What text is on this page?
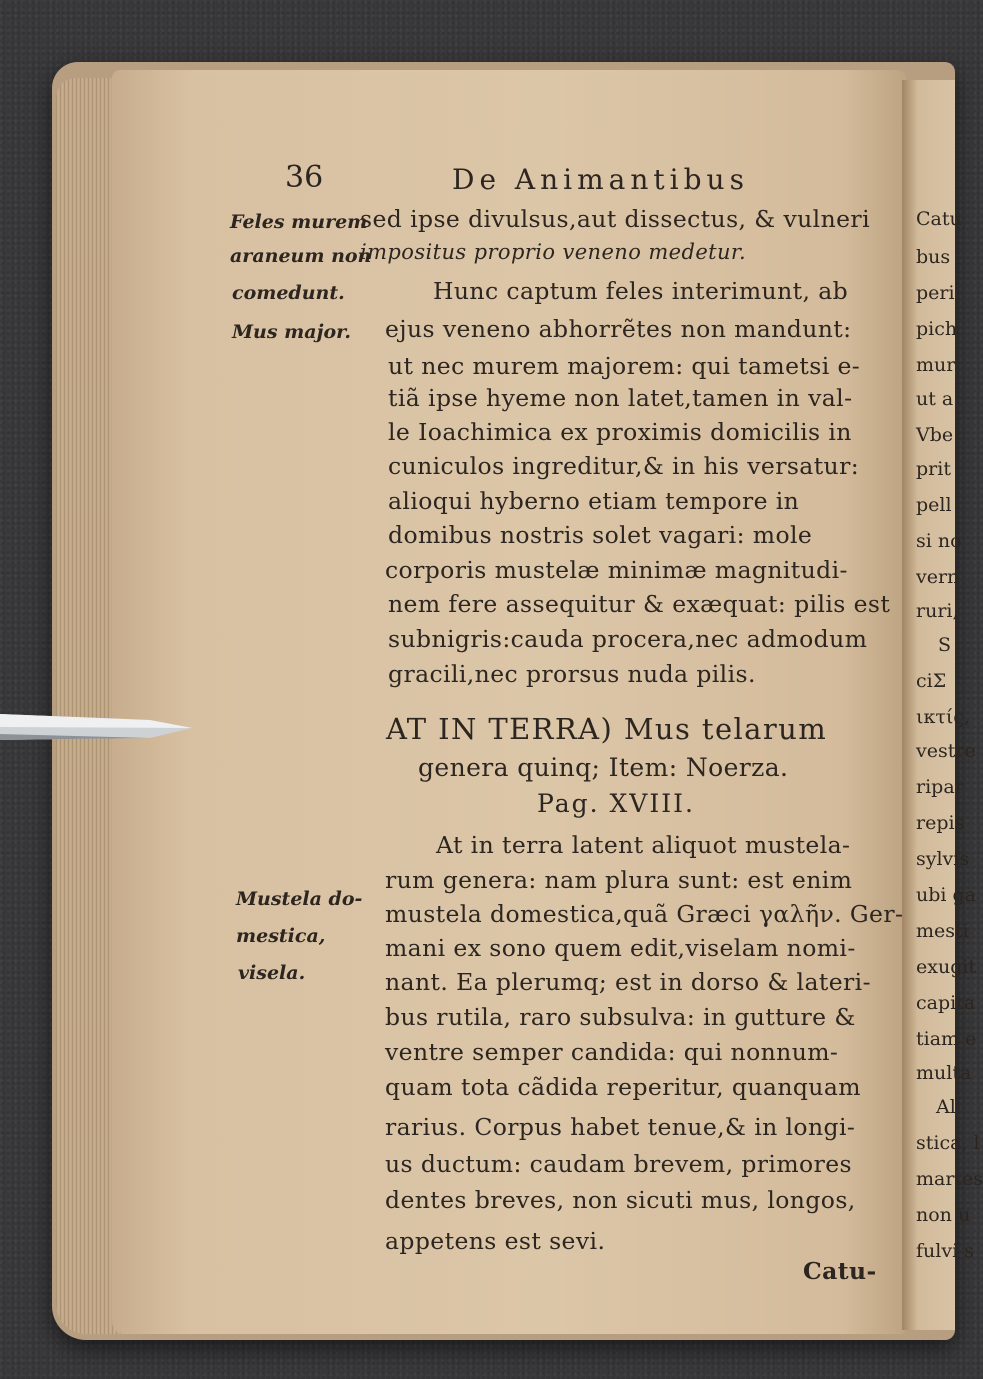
36	De Animantibus
Feles murem
araneum non
comedunt.
Mus major.
Mustela do-
mestica,
visela.
sed ipse divulsus,aut dissectus, & vulneri
impositus proprio veneno medetur.
Hunc captum feles interimunt, ab
ejus veneno abhorrẽtes non mandunt:
ut nec murem majorem: qui tametsi e-
tiã ipse hyeme non latet,tamen in val-
le Ioachimica ex proximis domicilis in
cuniculos ingreditur,& in his versatur:
alioqui hyberno etiam tempore in
domibus nostris solet vagari: mole
corporis mustelæ minimæ magnitudi-
nem fere assequitur & exæquat: pilis est
subnigris:cauda procera,nec admodum
gracili,nec prorsus nuda pilis.
AT IN TERRA) Mus telarum
genera quinq; Item: Noerza.
Pag. XVIII.
At in terra latent aliquot mustela-
rum genera: nam plura sunt: est enim
mustela domestica,quã Græci γαλῆν. Ger-
mani ex sono quem edit,viselam nomi-
nant. Ea plerumq; est in dorso & lateri-
bus rutila, raro subsulva: in gutture &
ventre semper candida: qui nonnum-
quam tota cãdida reperitur, quanquam
rarius. Corpus habet tenue,& in longi-
us ductum: caudam brevem, primores
dentes breves, non sicuti mus, longos,
appetens est sevi.
Catu-
Catu
bus
peri
pich
mur
ut a
Vbe
prit
pell
si no
vern
ruri,
S
ciΣ
ικτίς,
vestre
ripar
repis
sylvis
ubi ga
mesti
exugit
capita
tiam e
multa
Al
stica, l
martes
non u
fulvi s
